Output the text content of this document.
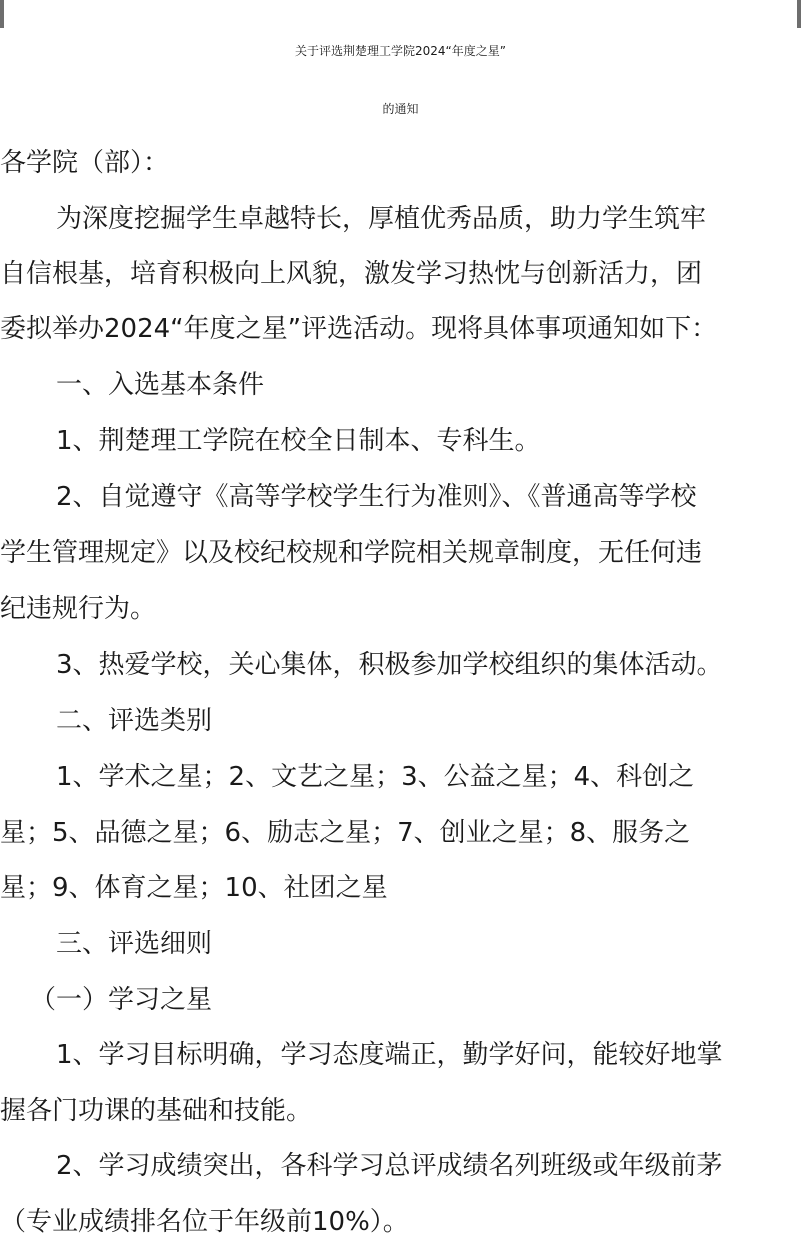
关于评选荆楚理工学院2024“年度之星”
的通知
各学院（部）：
为深度挖掘学生卓越特长，厚植优秀品质，助力学生筑牢
自信根基，培育积极向上风貌，激发学习热忱与创新活力，团
委拟举办2024“年度之星”评选活动。现将具体事项通知如下：
一、入选基本条件
1、荆楚理工学院在校全日制本、专科生。
2、自觉遵守《高等学校学生行为准则》、《普通高等学校
学生管理规定》以及校纪校规和学院相关规章制度，无任何违
纪违规行为。
3、热爱学校，关心集体，积极参加学校组织的集体活动。
二、评选类别
1、学术之星；2、文艺之星；3、公益之星；4、科创之
星；5、品德之星；6、励志之星；7、创业之星；8、服务之
星；9、体育之星；10、社团之星
三、评选细则
（一）学习之星
1、学习目标明确，学习态度端正，勤学好问，能较好地掌
握各门功课的基础和技能。
2、学习成绩突出，各科学习总评成绩名列班级或年级前茅
（专业成绩排名位于年级前10%）。
